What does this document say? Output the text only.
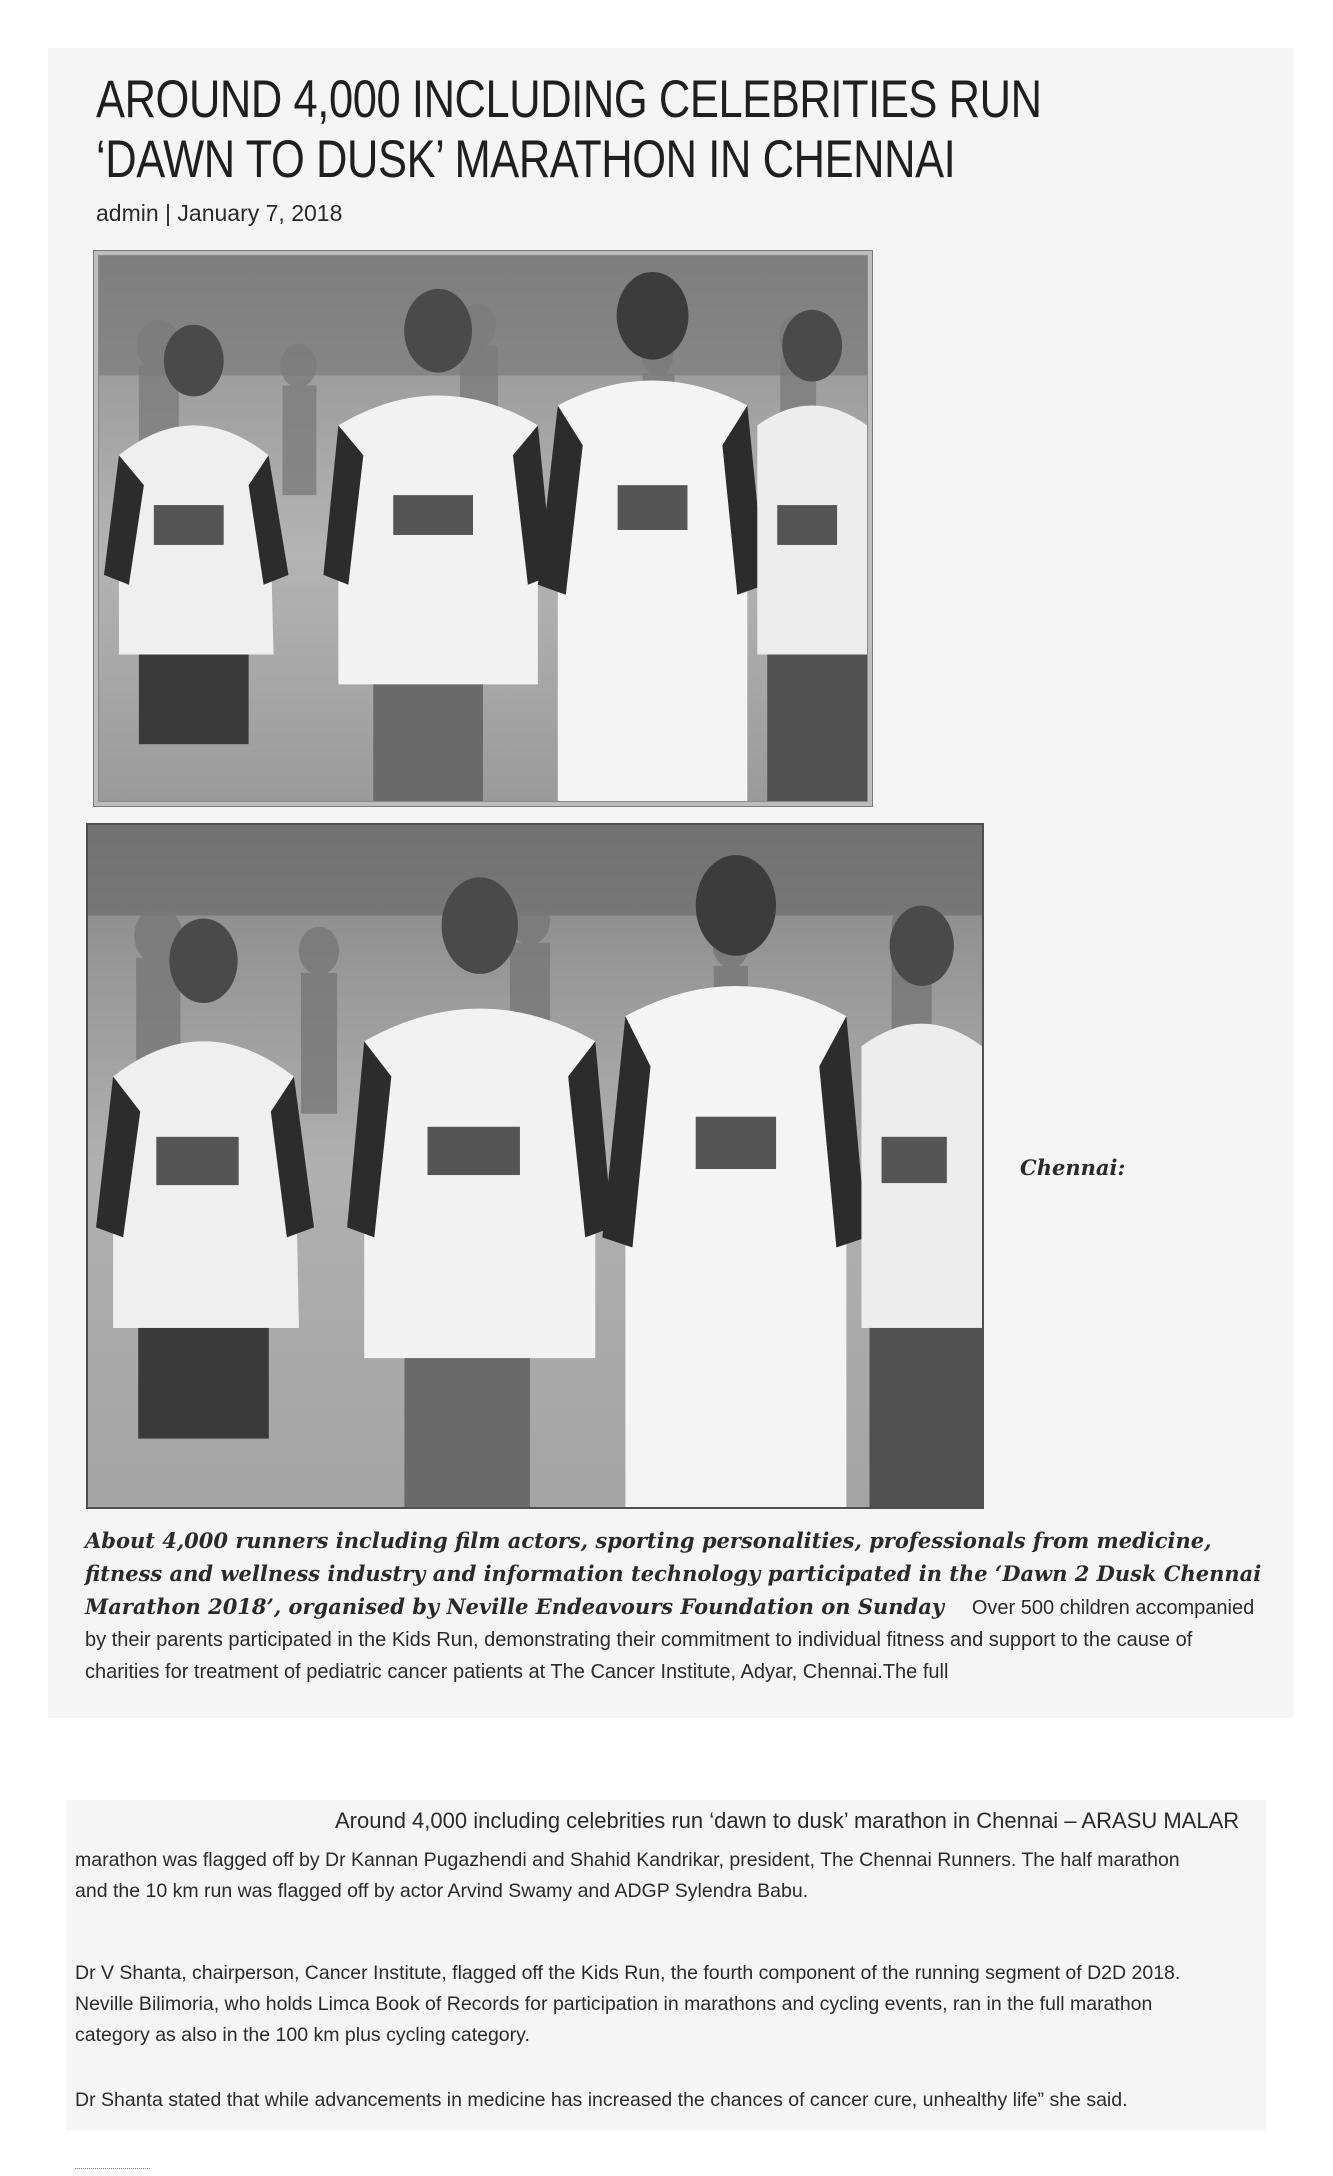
AROUND 4,000 INCLUDING CELEBRITIES RUN ‘DAWN TO DUSK’ MARATHON IN CHENNAI
admin | January 7, 2018
Chennai:

About 4,000 runners including film actors, sporting personalities, professionals from medicine, fitness and wellness industry and information technology participated in the ‘Dawn 2 Dusk Chennai Marathon 2018’, organised by Neville Endeavours Foundation on Sunday Over 500 children accompanied by their parents participated in the Kids Run, demonstrating their commitment to individual fitness and support to the cause of charities for treatment of pediatric cancer patients at The Cancer Institute, Adyar, Chennai.The full

Around 4,000 including celebrities run ‘dawn to dusk’ marathon in Chennai – ARASU MALAR

marathon was flagged off by Dr Kannan Pugazhendi and Shahid Kandrikar, president, The Chennai Runners. The half marathon and the 10 km run was flagged off by actor Arvind Swamy and ADGP Sylendra Babu.

Dr V Shanta, chairperson, Cancer Institute, flagged off the Kids Run, the fourth component of the running segment of D2D 2018. Neville Bilimoria, who holds Limca Book of Records for participation in marathons and cycling events, ran in the full marathon category as also in the 100 km plus cycling category.

Dr Shanta stated that while advancements in medicine has increased the chances of cancer cure, unhealthy life” she said.
